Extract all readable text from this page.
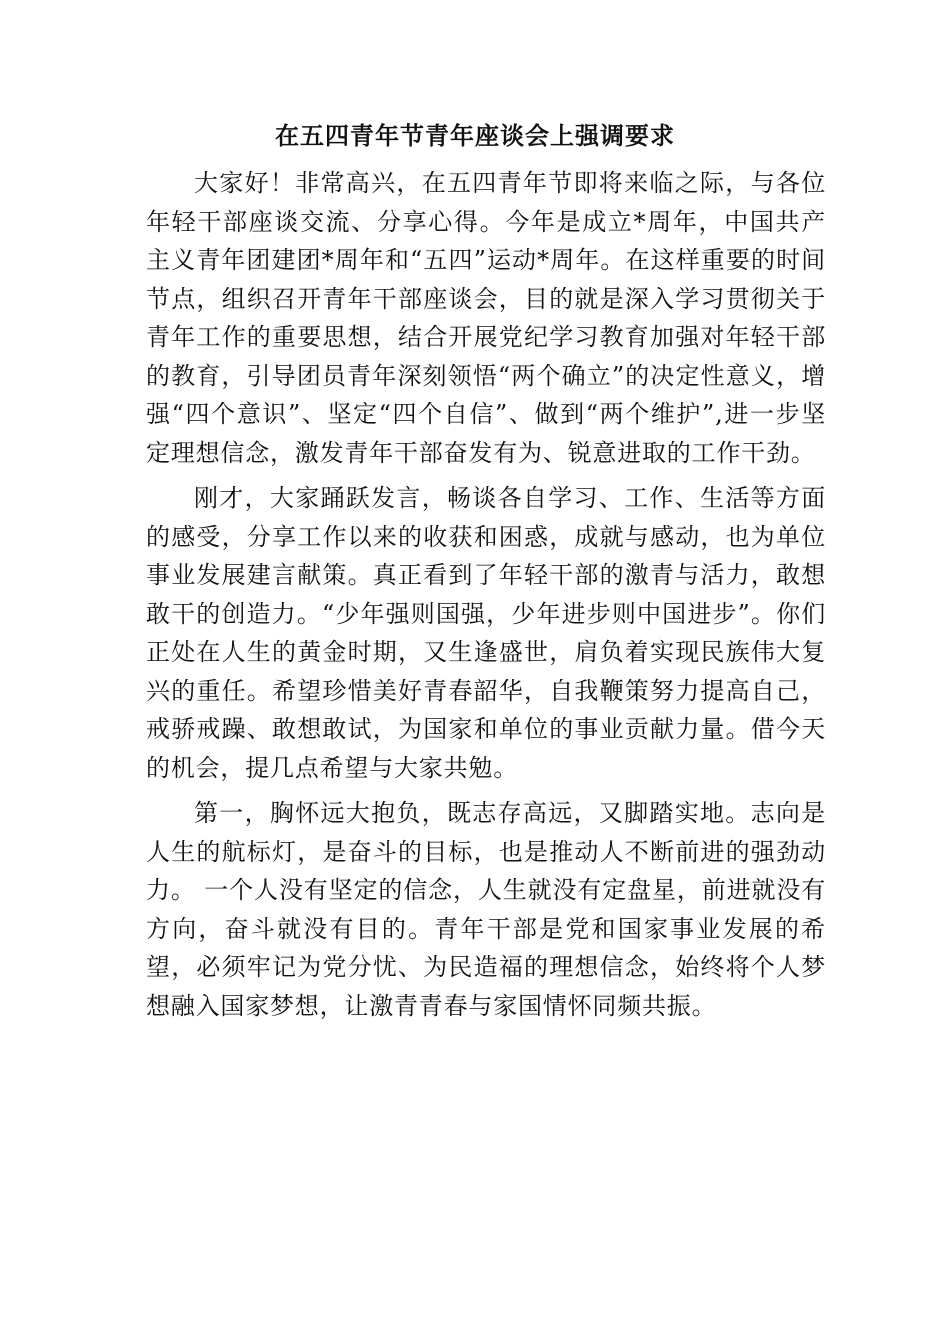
在五四青年节青年座谈会上强调要求

大家好！非常高兴，在五四青年节即将来临之际，与各位年轻干部座谈交流、分享心得。今年是成立*周年，中国共产主义青年团建团*周年和“五四”运动*周年。在这样重要的时间节点，组织召开青年干部座谈会，目的就是深入学习贯彻关于青年工作的重要思想，结合开展党纪学习教育加强对年轻干部的教育，引导团员青年深刻领悟“两个确立”的决定性意义，增强“四个意识”、坚定“四个自信”、做到“两个维护”,进一步坚定理想信念，激发青年干部奋发有为、锐意进取的工作干劲。

刚才，大家踊跃发言，畅谈各自学习、工作、生活等方面的感受，分享工作以来的收获和困惑，成就与感动，也为单位事业发展建言献策。真正看到了年轻干部的激青与活力，敢想敢干的创造力。“少年强则国强，少年进步则中国进步”。你们正处在人生的黄金时期，又生逢盛世，肩负着实现民族伟大复兴的重任。希望珍惜美好青春韶华，自我鞭策努力提高自己，戒骄戒躁、敢想敢试，为国家和单位的事业贡献力量。借今天的机会，提几点希望与大家共勉。

第一，胸怀远大抱负，既志存高远，又脚踏实地。志向是人生的航标灯，是奋斗的目标，也是推动人不断前进的强劲动力。 一个人没有坚定的信念，人生就没有定盘星，前进就没有方向，奋斗就没有目的。青年干部是党和国家事业发展的希望，必须牢记为党分忧、为民造福的理想信念，始终将个人梦想融入国家梦想，让激青青春与家国情怀同频共振。
